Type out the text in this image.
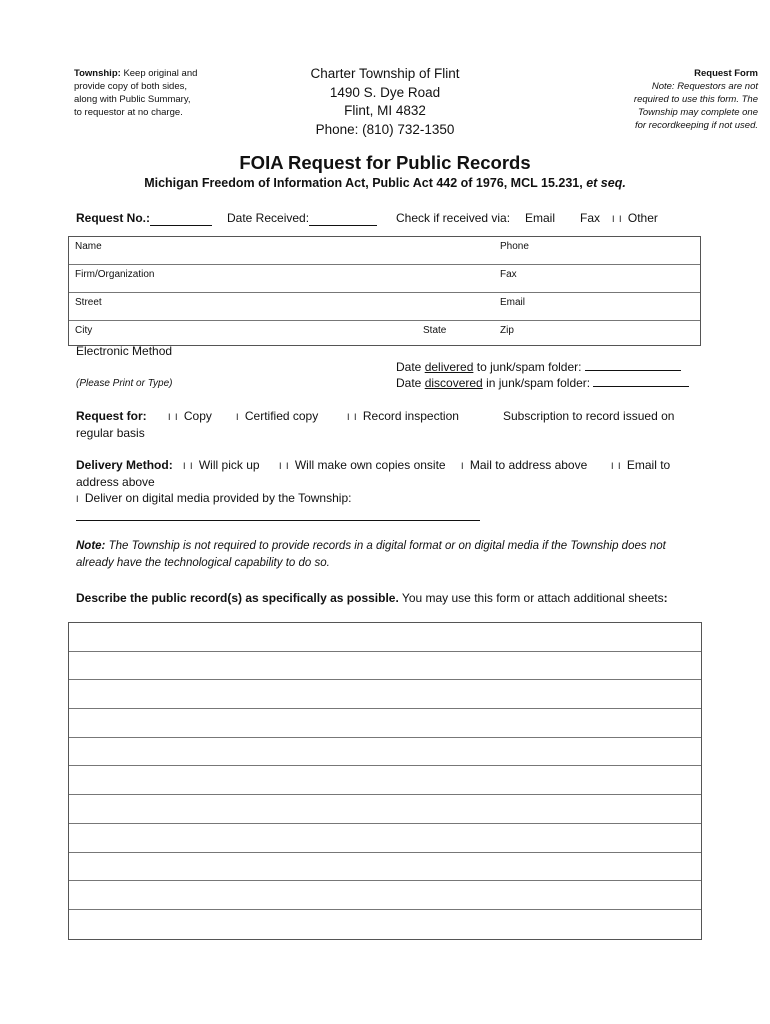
Township: Keep original and
provide copy of both sides,
along with Public Summary,
to requestor at no charge.
Charter Township of Flint
1490 S. Dye Road
Flint, MI 4832
Phone: (810) 732-1350
Request Form
Note: Requestors are not
required to use this form. The
Township may complete one
for recordkeeping if not used.
FOIA Request for Public Records
Michigan Freedom of Information Act, Public Act 442 of 1976, MCL 15.231, et seq.
Request No.:	Date Received:	Check if received via: Email Fax I I Other
Name	Phone
Firm/Organization	Fax
Street	Email
City	State	Zip
Electronic Method
(Please Print or Type)
Date delivered to junk/spam folder:
Date discovered in junk/spam folder:
Request for: I I Copy	I Certified copy	I I Record inspection	Subscription to record issued on
regular basis
Delivery Method: I I Will pick up I I Will make own copies onsite I Mail to address above	I I Email to
address above
I Deliver on digital media provided by the Township:
Note: The Township is not required to provide records in a digital format or on digital media if the Township does not
already have the technological capability to do so.
Describe the public record(s) as specifically as possible. You may use this form or attach additional sheets:
